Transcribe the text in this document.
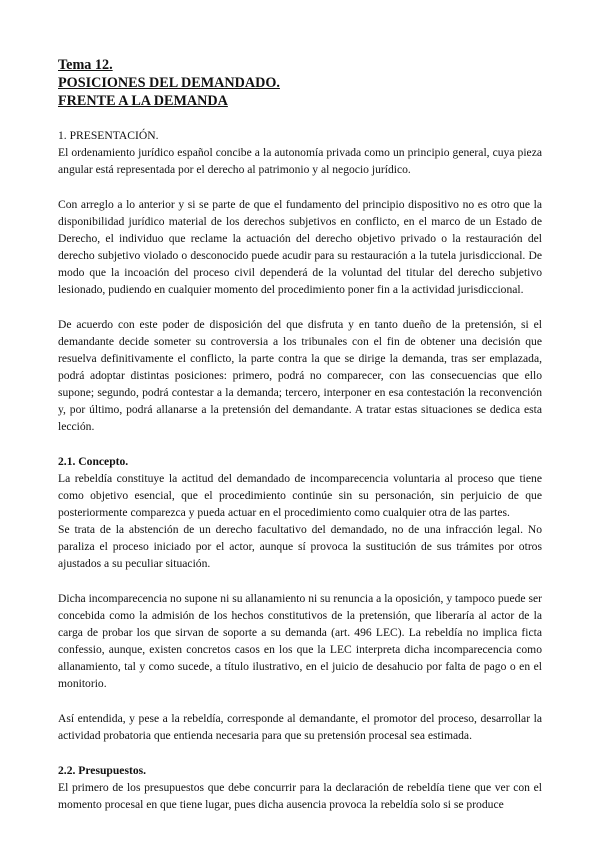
Tema 12.
POSICIONES DEL DEMANDADO.
FRENTE A LA DEMANDA

1. PRESENTACIÓN.

El ordenamiento jurídico español concibe a la autonomía privada como un principio general, cuya pieza angular está representada por el derecho al patrimonio y al negocio jurídico.

Con arreglo a lo anterior y si se parte de que el fundamento del principio dispositivo no es otro que la disponibilidad jurídico material de los derechos subjetivos en conflicto, en el marco de un Estado de Derecho, el individuo que reclame la actuación del derecho objetivo privado o la restauración del derecho subjetivo violado o desconocido puede acudir para su restauración a la tutela jurisdiccional. De modo que la incoación del proceso civil dependerá de la voluntad del titular del derecho subjetivo lesionado, pudiendo en cualquier momento del procedimiento poner fin a la actividad jurisdiccional.

De acuerdo con este poder de disposición del que disfruta y en tanto dueño de la pretensión, si el demandante decide someter su controversia a los tribunales con el fin de obtener una decisión que resuelva definitivamente el conflicto, la parte contra la que se dirige la demanda, tras ser emplazada, podrá adoptar distintas posiciones: primero, podrá no comparecer, con las consecuencias que ello supone; segundo, podrá contestar a la demanda; tercero, interponer en esa contestación la reconvención y, por último, podrá allanarse a la pretensión del demandante. A tratar estas situaciones se dedica esta lección.

2.1. Concepto.

La rebeldía constituye la actitud del demandado de incomparecencia voluntaria al proceso que tiene como objetivo esencial, que el procedimiento continúe sin su personación, sin perjuicio de que posteriormente comparezca y pueda actuar en el procedimiento como cualquier otra de las partes.

Se trata de la abstención de un derecho facultativo del demandado, no de una infracción legal. No paraliza el proceso iniciado por el actor, aunque sí provoca la sustitución de sus trámites por otros ajustados a su peculiar situación.

Dicha incomparecencia no supone ni su allanamiento ni su renuncia a la oposición, y tampoco puede ser concebida como la admisión de los hechos constitutivos de la pretensión, que liberaría al actor de la carga de probar los que sirvan de soporte a su demanda (art. 496 LEC). La rebeldía no implica ficta confessio, aunque, existen concretos casos en los que la LEC interpreta dicha incomparecencia como allanamiento, tal y como sucede, a título ilustrativo, en el juicio de desahucio por falta de pago o en el monitorio.

Así entendida, y pese a la rebeldía, corresponde al demandante, el promotor del proceso, desarrollar la actividad probatoria que entienda necesaria para que su pretensión procesal sea estimada.

2.2. Presupuestos.

El primero de los presupuestos que debe concurrir para la declaración de rebeldía tiene que ver con el momento procesal en que tiene lugar, pues dicha ausencia provoca la rebeldía solo si se produce
